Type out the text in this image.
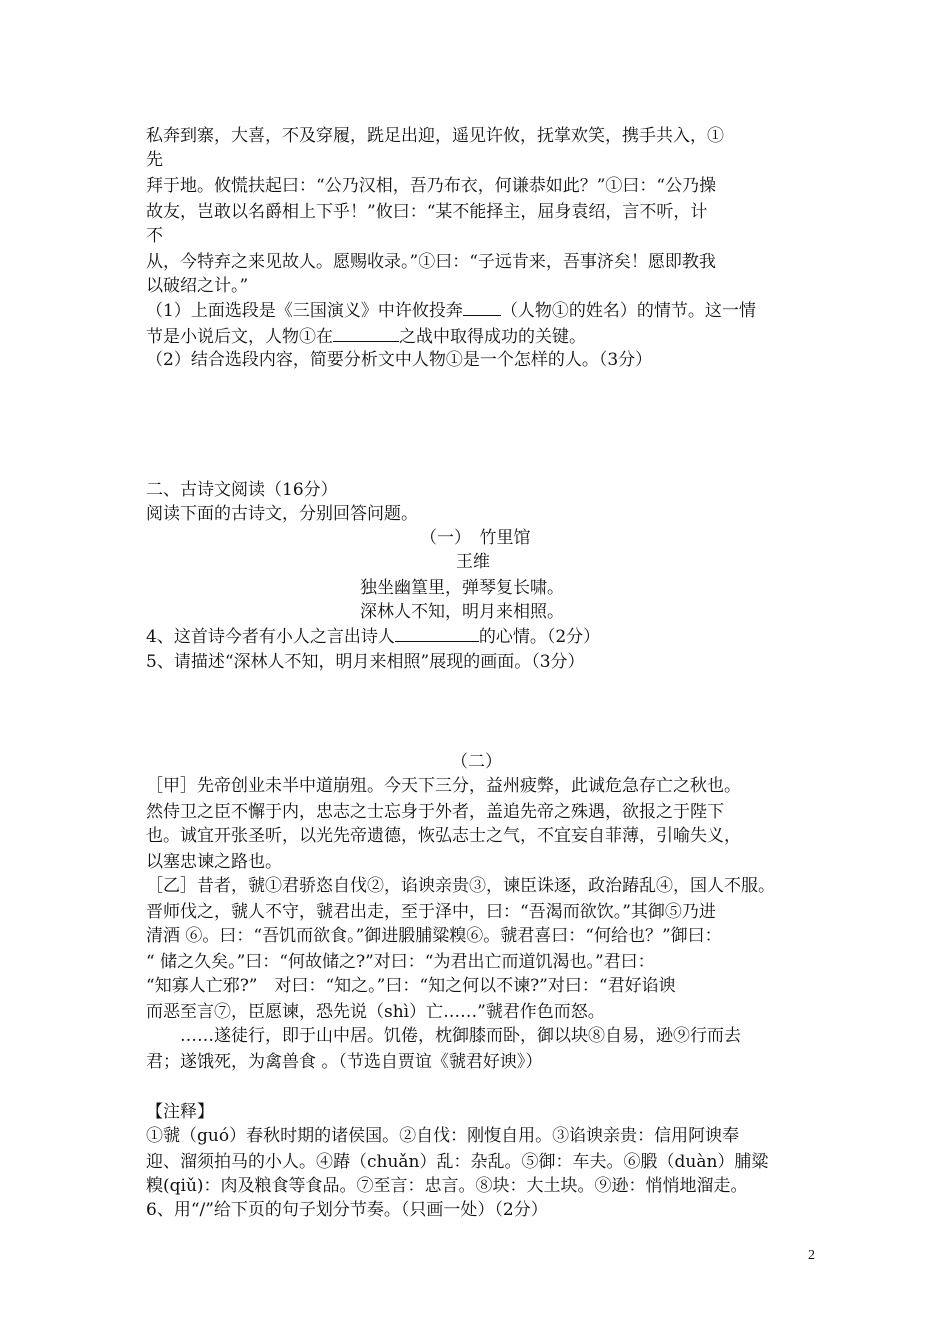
私奔到寨，大喜，不及穿履，跣足出迎，遥见许攸，抚掌欢笑，携手共入，①
先
拜于地。攸慌扶起曰：“公乃汉相，吾乃布衣，何谦恭如此？”①曰：“公乃操
故友，岂敢以名爵相上下乎！”攸曰：“某不能择主，屈身袁绍，言不听，计
不
从，今特弃之来见故人。愿赐收录。”①曰：“子远肯来，吾事济矣！愿即教我
以破绍之计。”
（1）上面选段是《三国演义》中许攸投奔 （人物①的姓名）的情节。这一情
节是小说后文，人物①在	之战中取得成功的关键。
（2）结合选段内容，简要分析文中人物①是一个怎样的人。（3分）
二、古诗文阅读（16分）
阅读下面的古诗文，分别回答问题。
（一）　竹里馆
王维
独坐幽篁里，弹琴复长啸。
深林人不知，明月来相照。
4、这首诗今者有小人之言出诗人	的心情。（2分）
5、请描述“深林人不知，明月来相照”展现的画面。（3分）
（二）
［甲］先帝创业未半中道崩殂。今天下三分，益州疲弊，此诚危急存亡之秋也。
然侍卫之臣不懈于内，忠志之士忘身于外者，盖追先帝之殊遇，欲报之于陛下
也。诚宜开张圣听，以光先帝遗德，恢弘志士之气，不宜妄自菲薄，引喻失义，
以塞忠谏之路也。
［乙］昔者，虢①君骄恣自伐②，谄谀亲贵③，谏臣诛逐，政治踳乱④，国人不服。
晋师伐之，虢人不守，虢君出走，至于泽中，曰：“吾渴而欲饮。”其御⑤乃进
清酒 ⑥。曰：“吾饥而欲食。”御进腶脯粱糗⑥。虢君喜曰：“何给也？”御曰：
“ 储之久矣。”曰：“何故储之?”对曰：“为君出亡而道饥渴也。”君曰：
“知寡人亡邪?”　对曰：“知之。”曰：“知之何以不谏?”对曰：“君好谄谀
而恶至言⑦，臣愿谏，恐先说（shì）亡……”虢君作色而怒。
　　……遂徒行，即于山中居。饥倦，枕御膝而卧，御以块⑧自易，逊⑨行而去
君；遂饿死，为禽兽食 。（节选自贾谊《虢君好谀》）
【注释】
①虢（guó）春秋时期的诸侯国。②自伐：刚愎自用。③谄谀亲贵：信用阿谀奉
迎、溜须拍马的小人。④踳（chuǎn）乱：杂乱。⑤御：车夫。⑥腶（duàn）脯粱
糗(qiǔ)：肉及粮食等食品。⑦至言：忠言。⑧块：大土块。⑨逊：悄悄地溜走。
6、用“/”给下页的句子划分节奏。（只画一处）（2分）
2
